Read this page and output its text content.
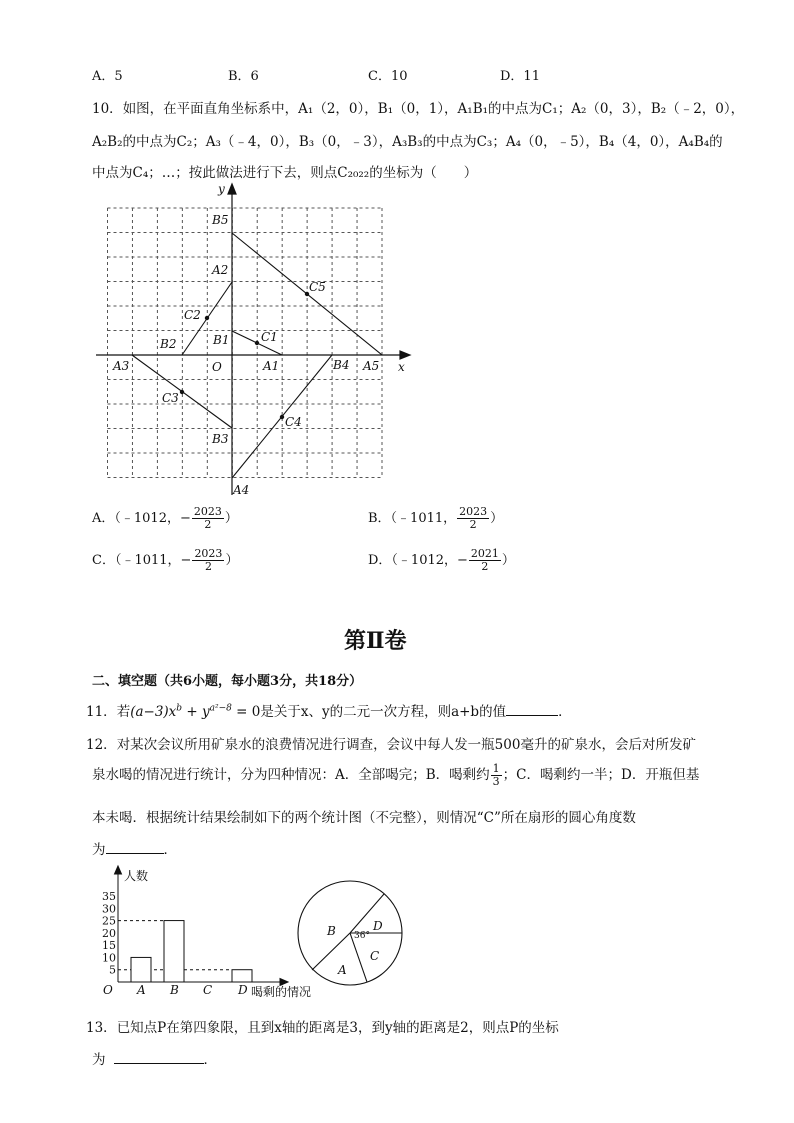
A．5	B．6	C．10	D．11
10．如图，在平面直角坐标系中，A₁（2，0），B₁（0，1），A₁B₁的中点为C₁；A₂（0，3），B₂（﹣2，0），
A₂B₂的中点为C₂；A₃（﹣4，0），B₃（0，﹣3），A₃B₃的中点为C₃；A₄（0，﹣5），B₄（4，0），A₄B₄的
中点为C₄；…；按此做法进行下去，则点C₂₀₂₂的坐标为（　　）
y
x
O
B5
A2
C5
C2
B1	C1
B2
A3	A1	B4 A5
C3
C4
B3
A4
A．（﹣1012，− $\frac{2023}{2}$ ）	B．（﹣1011， $\frac{2023}{2}$ ）
C．（﹣1011，− $\frac{2023}{2}$ ）	D．（﹣1012，− $\frac{2021}{2}$ ）
第Ⅱ卷
二、填空题（共6小题，每小题3分，共18分）
11．若$(a-3)x^b + y^{a^2-8} = 0$是关于x、y的二元一次方程，则a+b的值	．
12．对某次会议所用矿泉水的浪费情况进行调查，会议中每人发一瓶500毫升的矿泉水，会后对所发矿
泉水喝的情况进行统计，分为四种情况：A．全部喝完；B．喝剩约 $\frac{1}{3}$ ；C．喝剩约一半；D．开瓶但基
本未喝．根据统计结果绘制如下的两个统计图（不完整），则情况“C”所在扇形的圆心角度数
为	．
5
10
15
20
25
30
35
A B C D
人数
O	喝剩的情况
B
A
C
D
36°
13．已知点P在第四象限，且到x轴的距离是3，到y轴的距离是2，则点P的坐标
为	．
